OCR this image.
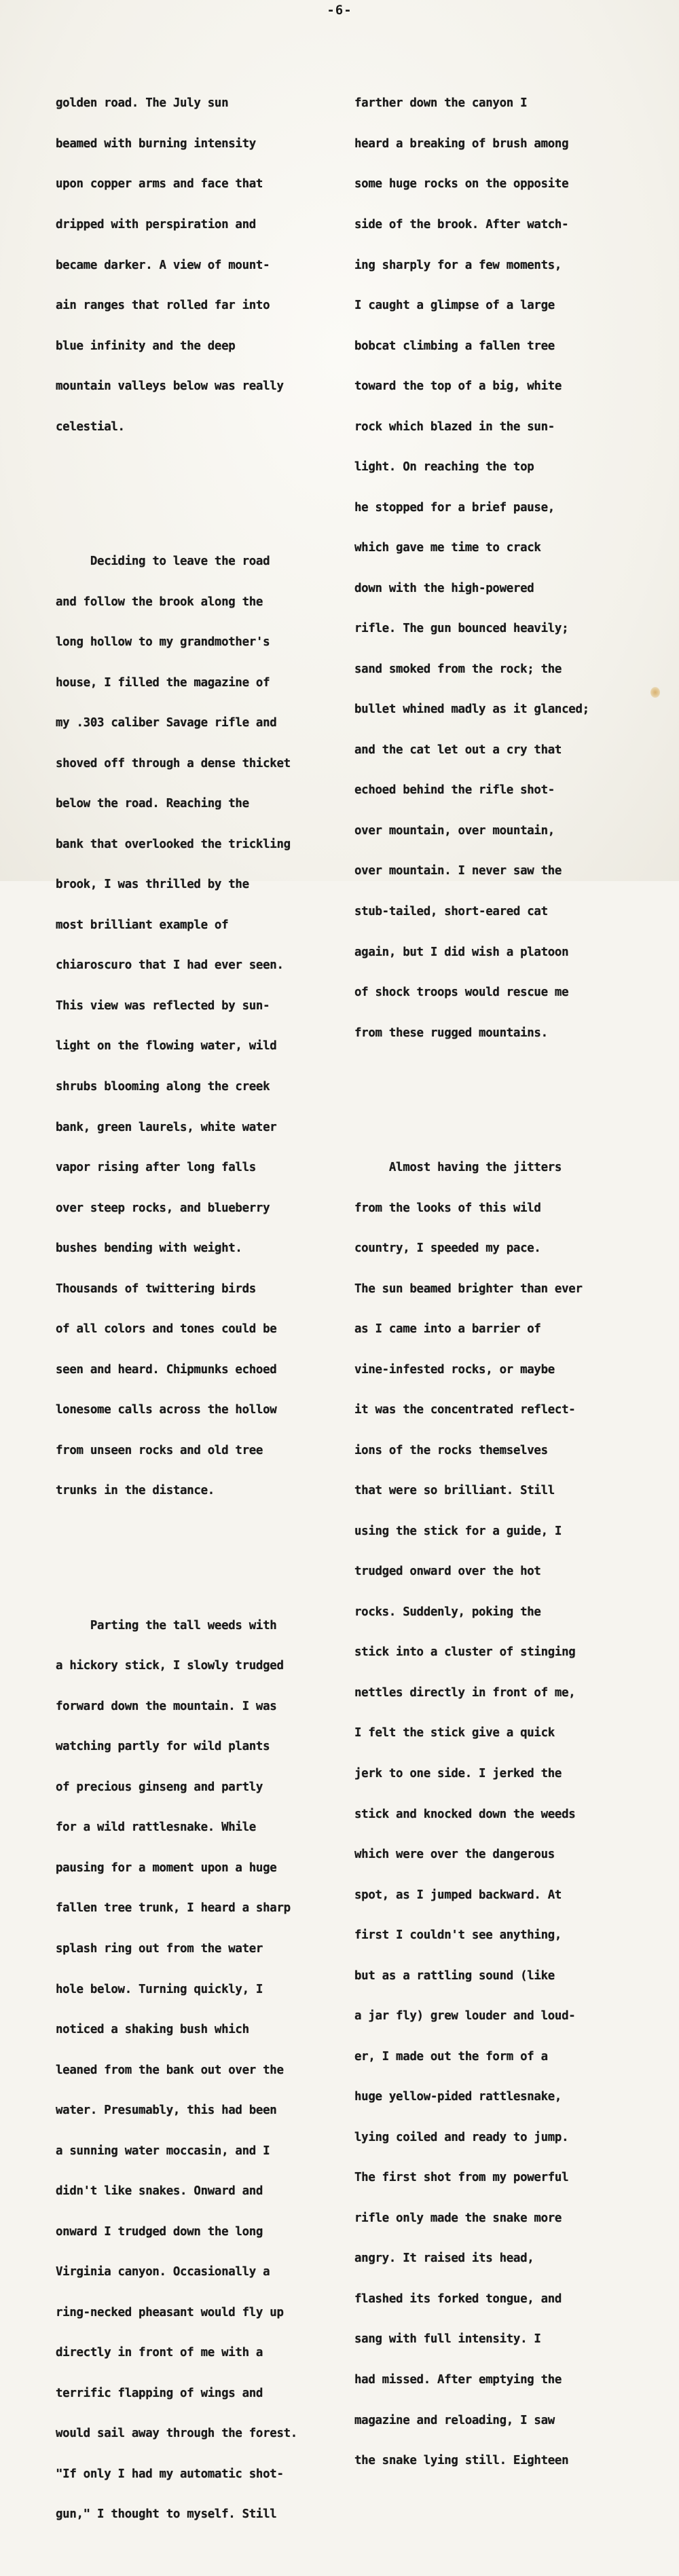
-6-

golden road. The July sun

beamed with burning intensity

upon copper arms and face that

dripped with perspiration and

became darker. A view of mount-

ain ranges that rolled far into

blue infinity and the deep

mountain valleys below was really

celestial.

Deciding to leave the road

and follow the brook along the

long hollow to my grandmother's

house, I filled the magazine of

my .303 caliber Savage rifle and

shoved off through a dense thicket

below the road. Reaching the

bank that overlooked the trickling

brook, I was thrilled by the

most brilliant example of

chiaroscuro that I had ever seen.

This view was reflected by sun-

light on the flowing water, wild

shrubs blooming along the creek

bank, green laurels, white water

vapor rising after long falls

over steep rocks, and blueberry

bushes bending with weight.

Thousands of twittering birds

of all colors and tones could be

seen and heard. Chipmunks echoed

lonesome calls across the hollow

from unseen rocks and old tree

trunks in the distance.

Parting the tall weeds with

a hickory stick, I slowly trudged

forward down the mountain. I was

watching partly for wild plants

of precious ginseng and partly

for a wild rattlesnake. While

pausing for a moment upon a huge

fallen tree trunk, I heard a sharp

splash ring out from the water

hole below. Turning quickly, I

noticed a shaking bush which

leaned from the bank out over the

water. Presumably, this had been

a sunning water moccasin, and I

didn't like snakes. Onward and

onward I trudged down the long

Virginia canyon. Occasionally a

ring-necked pheasant would fly up

directly in front of me with a

terrific flapping of wings and

would sail away through the forest.

"If only I had my automatic shot-

gun," I thought to myself. Still

farther down the canyon I

heard a breaking of brush among

some huge rocks on the opposite

side of the brook. After watch-

ing sharply for a few moments,

I caught a glimpse of a large

bobcat climbing a fallen tree

toward the top of a big, white

rock which blazed in the sun-

light. On reaching the top

he stopped for a brief pause,

which gave me time to crack

down with the high-powered

rifle. The gun bounced heavily;

sand smoked from the rock; the

bullet whined madly as it glanced;

and the cat let out a cry that

echoed behind the rifle shot-

over mountain, over mountain,

over mountain. I never saw the

stub-tailed, short-eared cat

again, but I did wish a platoon

of shock troops would rescue me

from these rugged mountains.

Almost having the jitters

from the looks of this wild

country, I speeded my pace.

The sun beamed brighter than ever

as I came into a barrier of

vine-infested rocks, or maybe

it was the concentrated reflect-

ions of the rocks themselves

that were so brilliant. Still

using the stick for a guide, I

trudged onward over the hot

rocks. Suddenly, poking the

stick into a cluster of stinging

nettles directly in front of me,

I felt the stick give a quick

jerk to one side. I jerked the

stick and knocked down the weeds

which were over the dangerous

spot, as I jumped backward. At

first I couldn't see anything,

but as a rattling sound (like

a jar fly) grew louder and loud-

er, I made out the form of a

huge yellow-pided rattlesnake,

lying coiled and ready to jump.

The first shot from my powerful

rifle only made the snake more

angry. It raised its head,

flashed its forked tongue, and

sang with full intensity. I

had missed. After emptying the

magazine and reloading, I saw

the snake lying still. Eighteen
